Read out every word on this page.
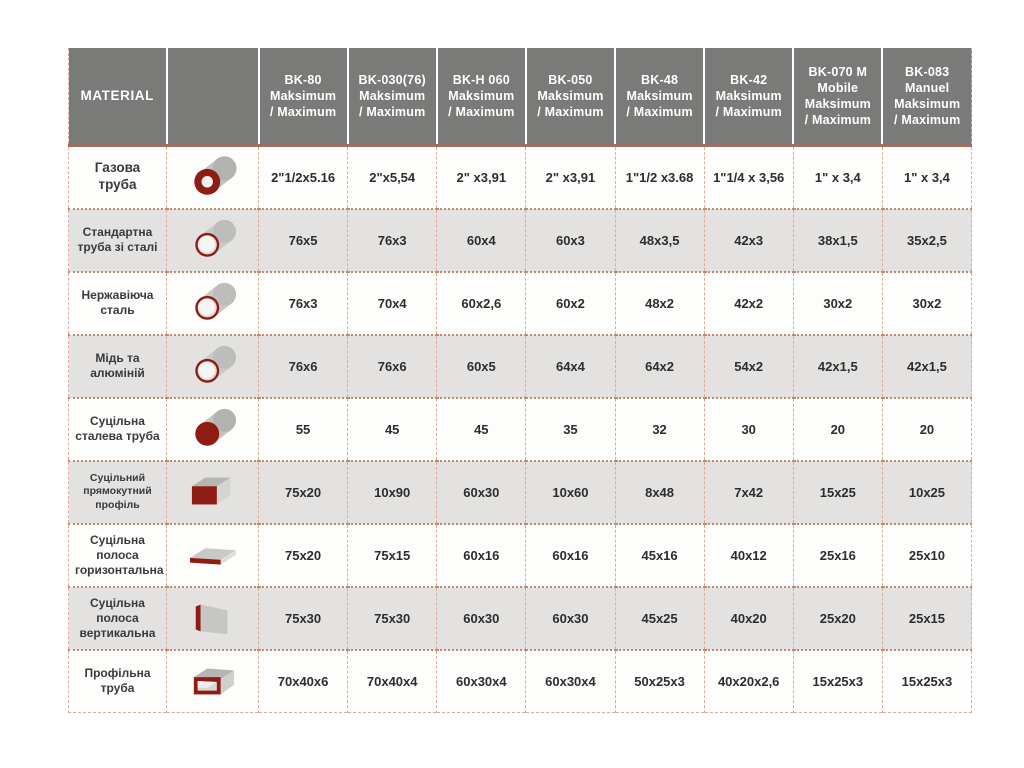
MATERIAL		BK-80
Maksimum
/ Maximum	BK-030(76)
Maksimum
/ Maximum	BK-H 060
Maksimum
/ Maximum	BK-050
Maksimum
/ Maximum	BK-48
Maksimum
/ Maximum	BK-42
Maksimum
/ Maximum	BK-070 M
Mobile
Maksimum
/ Maximum	BK-083
Manuel
Maksimum
/ Maximum

Газова труба		2"1/2x5.16	2"x5,54	2" x3,91	2" x3,91	1"1/2 x3.68	1"1/4 x 3,56	1" x 3,4	1" x 3,4
Стандартна труба зі сталі		76x5	76x3	60x4	60x3	48x3,5	42x3	38x1,5	35x2,5
Нержавіюча сталь		76x3	70x4	60x2,6	60x2	48x2	42x2	30x2	30x2
Мідь та алюміній		76x6	76x6	60x5	64x4	64x2	54x2	42x1,5	42x1,5
Суцільна сталева труба		55	45	45	35	32	30	20	20
Суцільний прямокутний профіль		75x20	10x90	60x30	10x60	8x48	7x42	15x25	10x25
Суцільна полоса горизонтальна		75x20	75x15	60x16	60x16	45x16	40x12	25x16	25x10
Суцільна полоса вертикальна		75x30	75x30	60x30	60x30	45x25	40x20	25x20	25x15
Профільна труба		70x40x6	70x40x4	60x30x4	60x30x4	50x25x3	40x20x2,6	15x25x3	15x25x3
